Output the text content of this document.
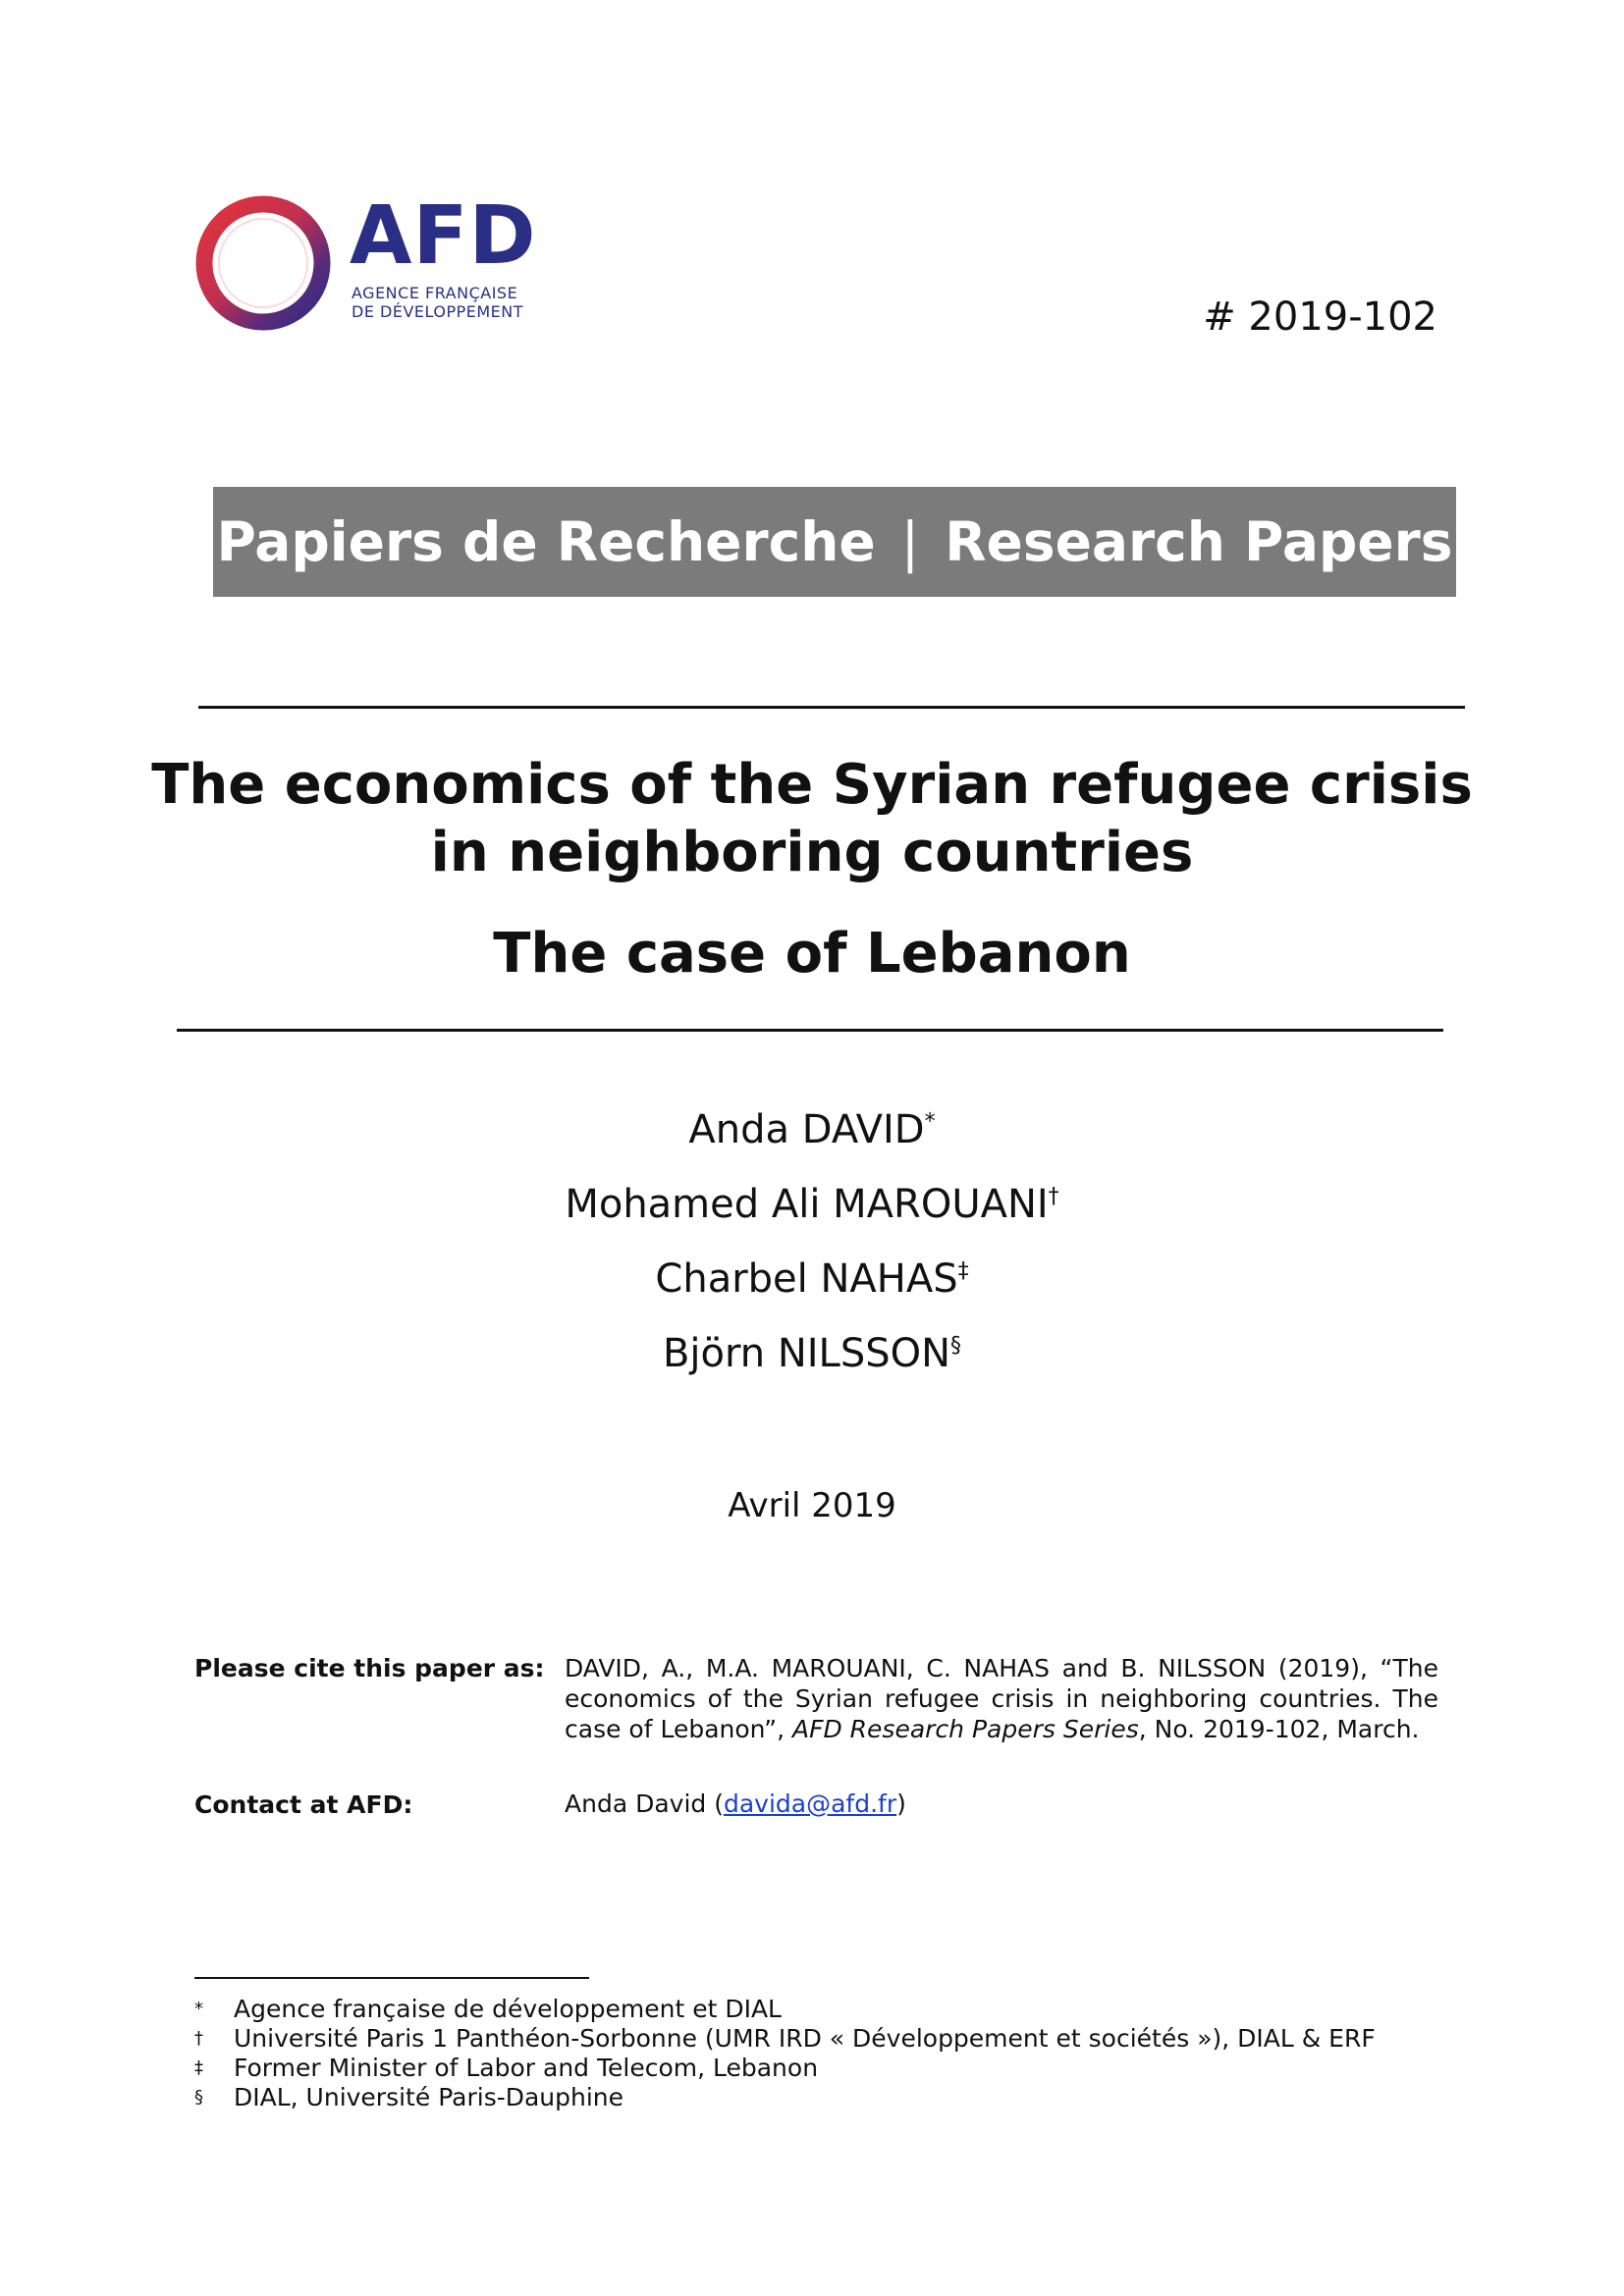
AFD
AGENCE FRANÇAISE
DE DÉVELOPPEMENT	# 2019-102
Papiers de Recherche | Research Papers
The economics of the Syrian refugee crisis
in neighboring countries
The case of Lebanon
Anda DAVID*
Mohamed Ali MAROUANI†
Charbel NAHAS‡
Björn NILSSON§
Avril 2019
Please cite this paper as: DAVID, A., M.A. MAROUANI, C. NAHAS and B. NILSSON (2019), “The economics of the Syrian refugee crisis in neighboring countries. The case of Lebanon”, AFD Research Papers Series, No. 2019-102, March.
Contact at AFD:	Anda David (davida@afd.fr)
* Agence française de développement et DIAL
† Université Paris 1 Panthéon-Sorbonne (UMR IRD « Développement et sociétés »), DIAL & ERF
‡ Former Minister of Labor and Telecom, Lebanon
§ DIAL, Université Paris-Dauphine
